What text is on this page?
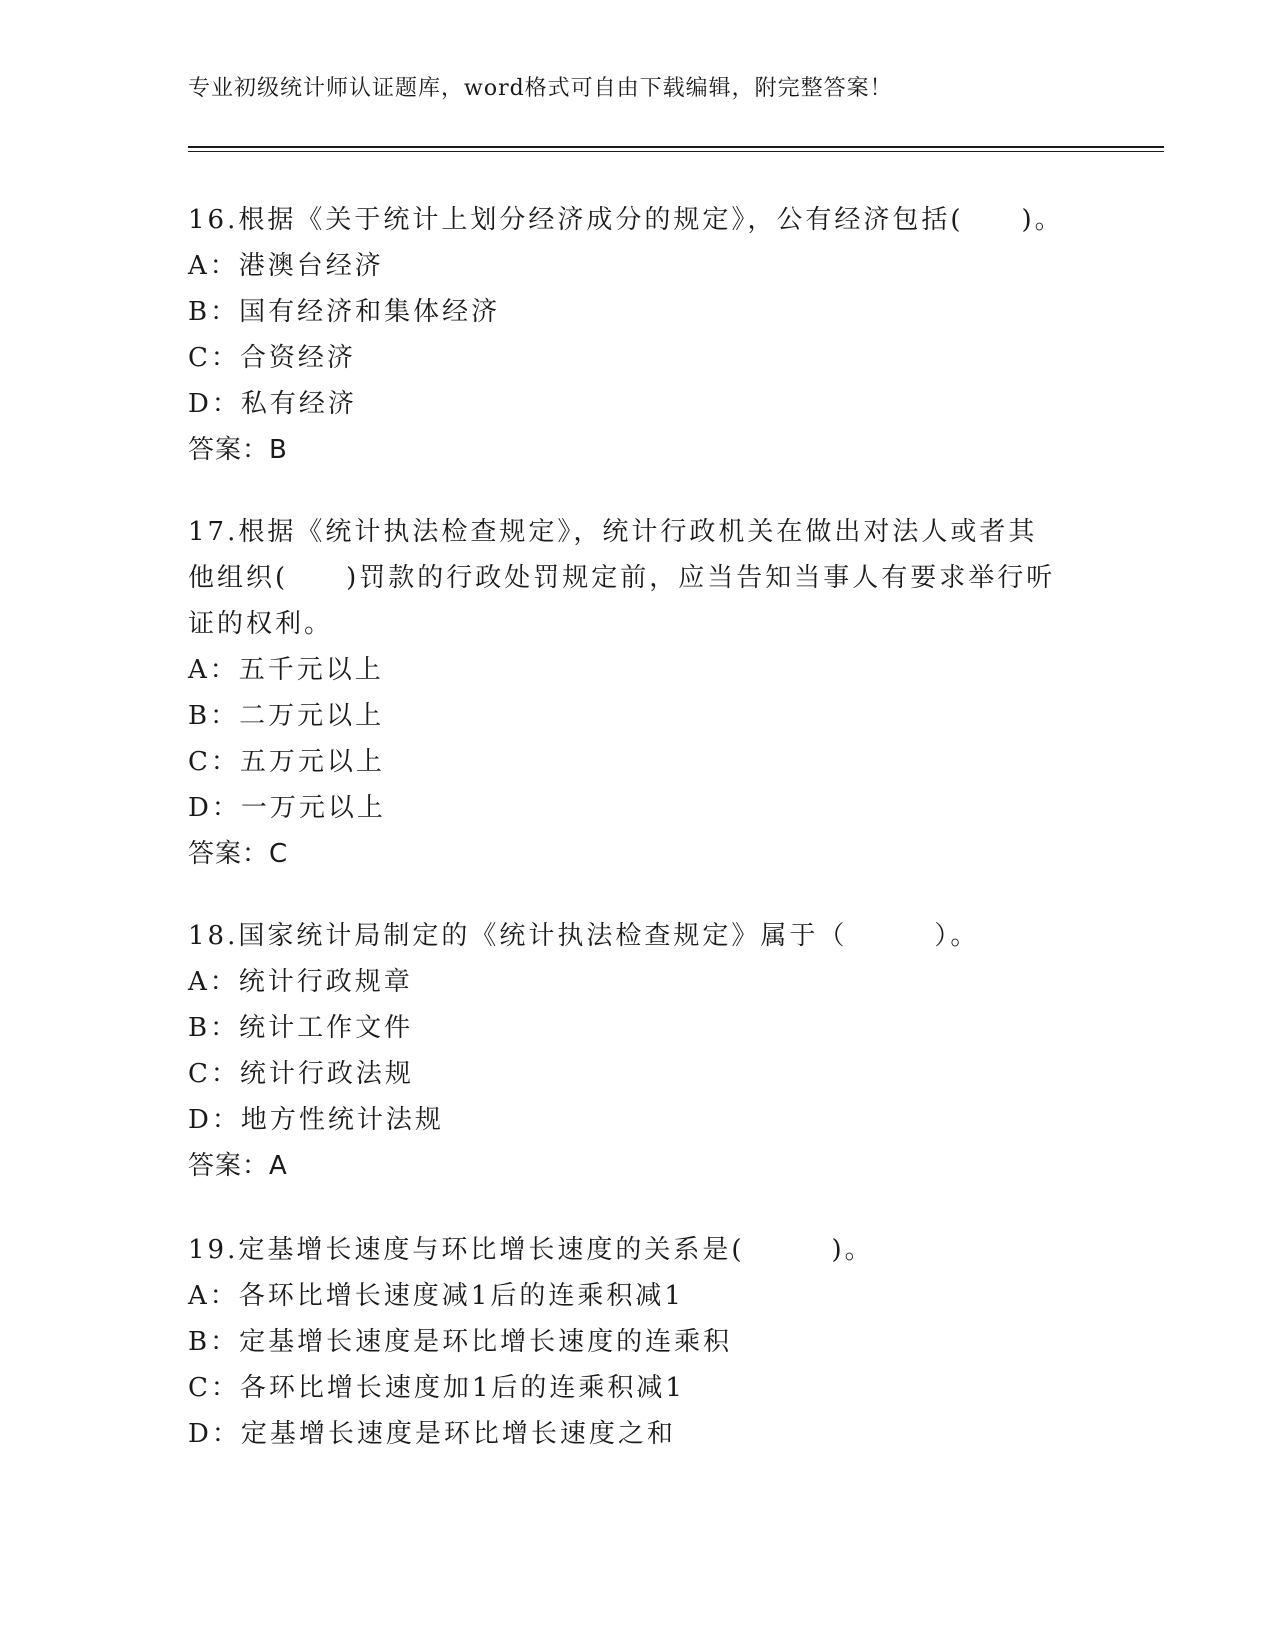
专业初级统计师认证题库，word格式可自由下载编辑，附完整答案！
16.根据《关于统计上划分经济成分的规定》，公有经济包括(　　)。
A：港澳台经济
B：国有经济和集体经济
C：合资经济
D：私有经济
答案：B
17.根据《统计执法检查规定》，统计行政机关在做出对法人或者其
他组织(　　)罚款的行政处罚规定前，应当告知当事人有要求举行听
证的权利。
A：五千元以上
B：二万元以上
C：五万元以上
D：一万元以上
答案：C
18.国家统计局制定的《统计执法检查规定》属于（　　　）。
A：统计行政规章
B：统计工作文件
C：统计行政法规
D：地方性统计法规
答案：A
19.定基增长速度与环比增长速度的关系是(　　　)。
A：各环比增长速度减1后的连乘积减1
B：定基增长速度是环比增长速度的连乘积
C：各环比增长速度加1后的连乘积减1
D：定基增长速度是环比增长速度之和
